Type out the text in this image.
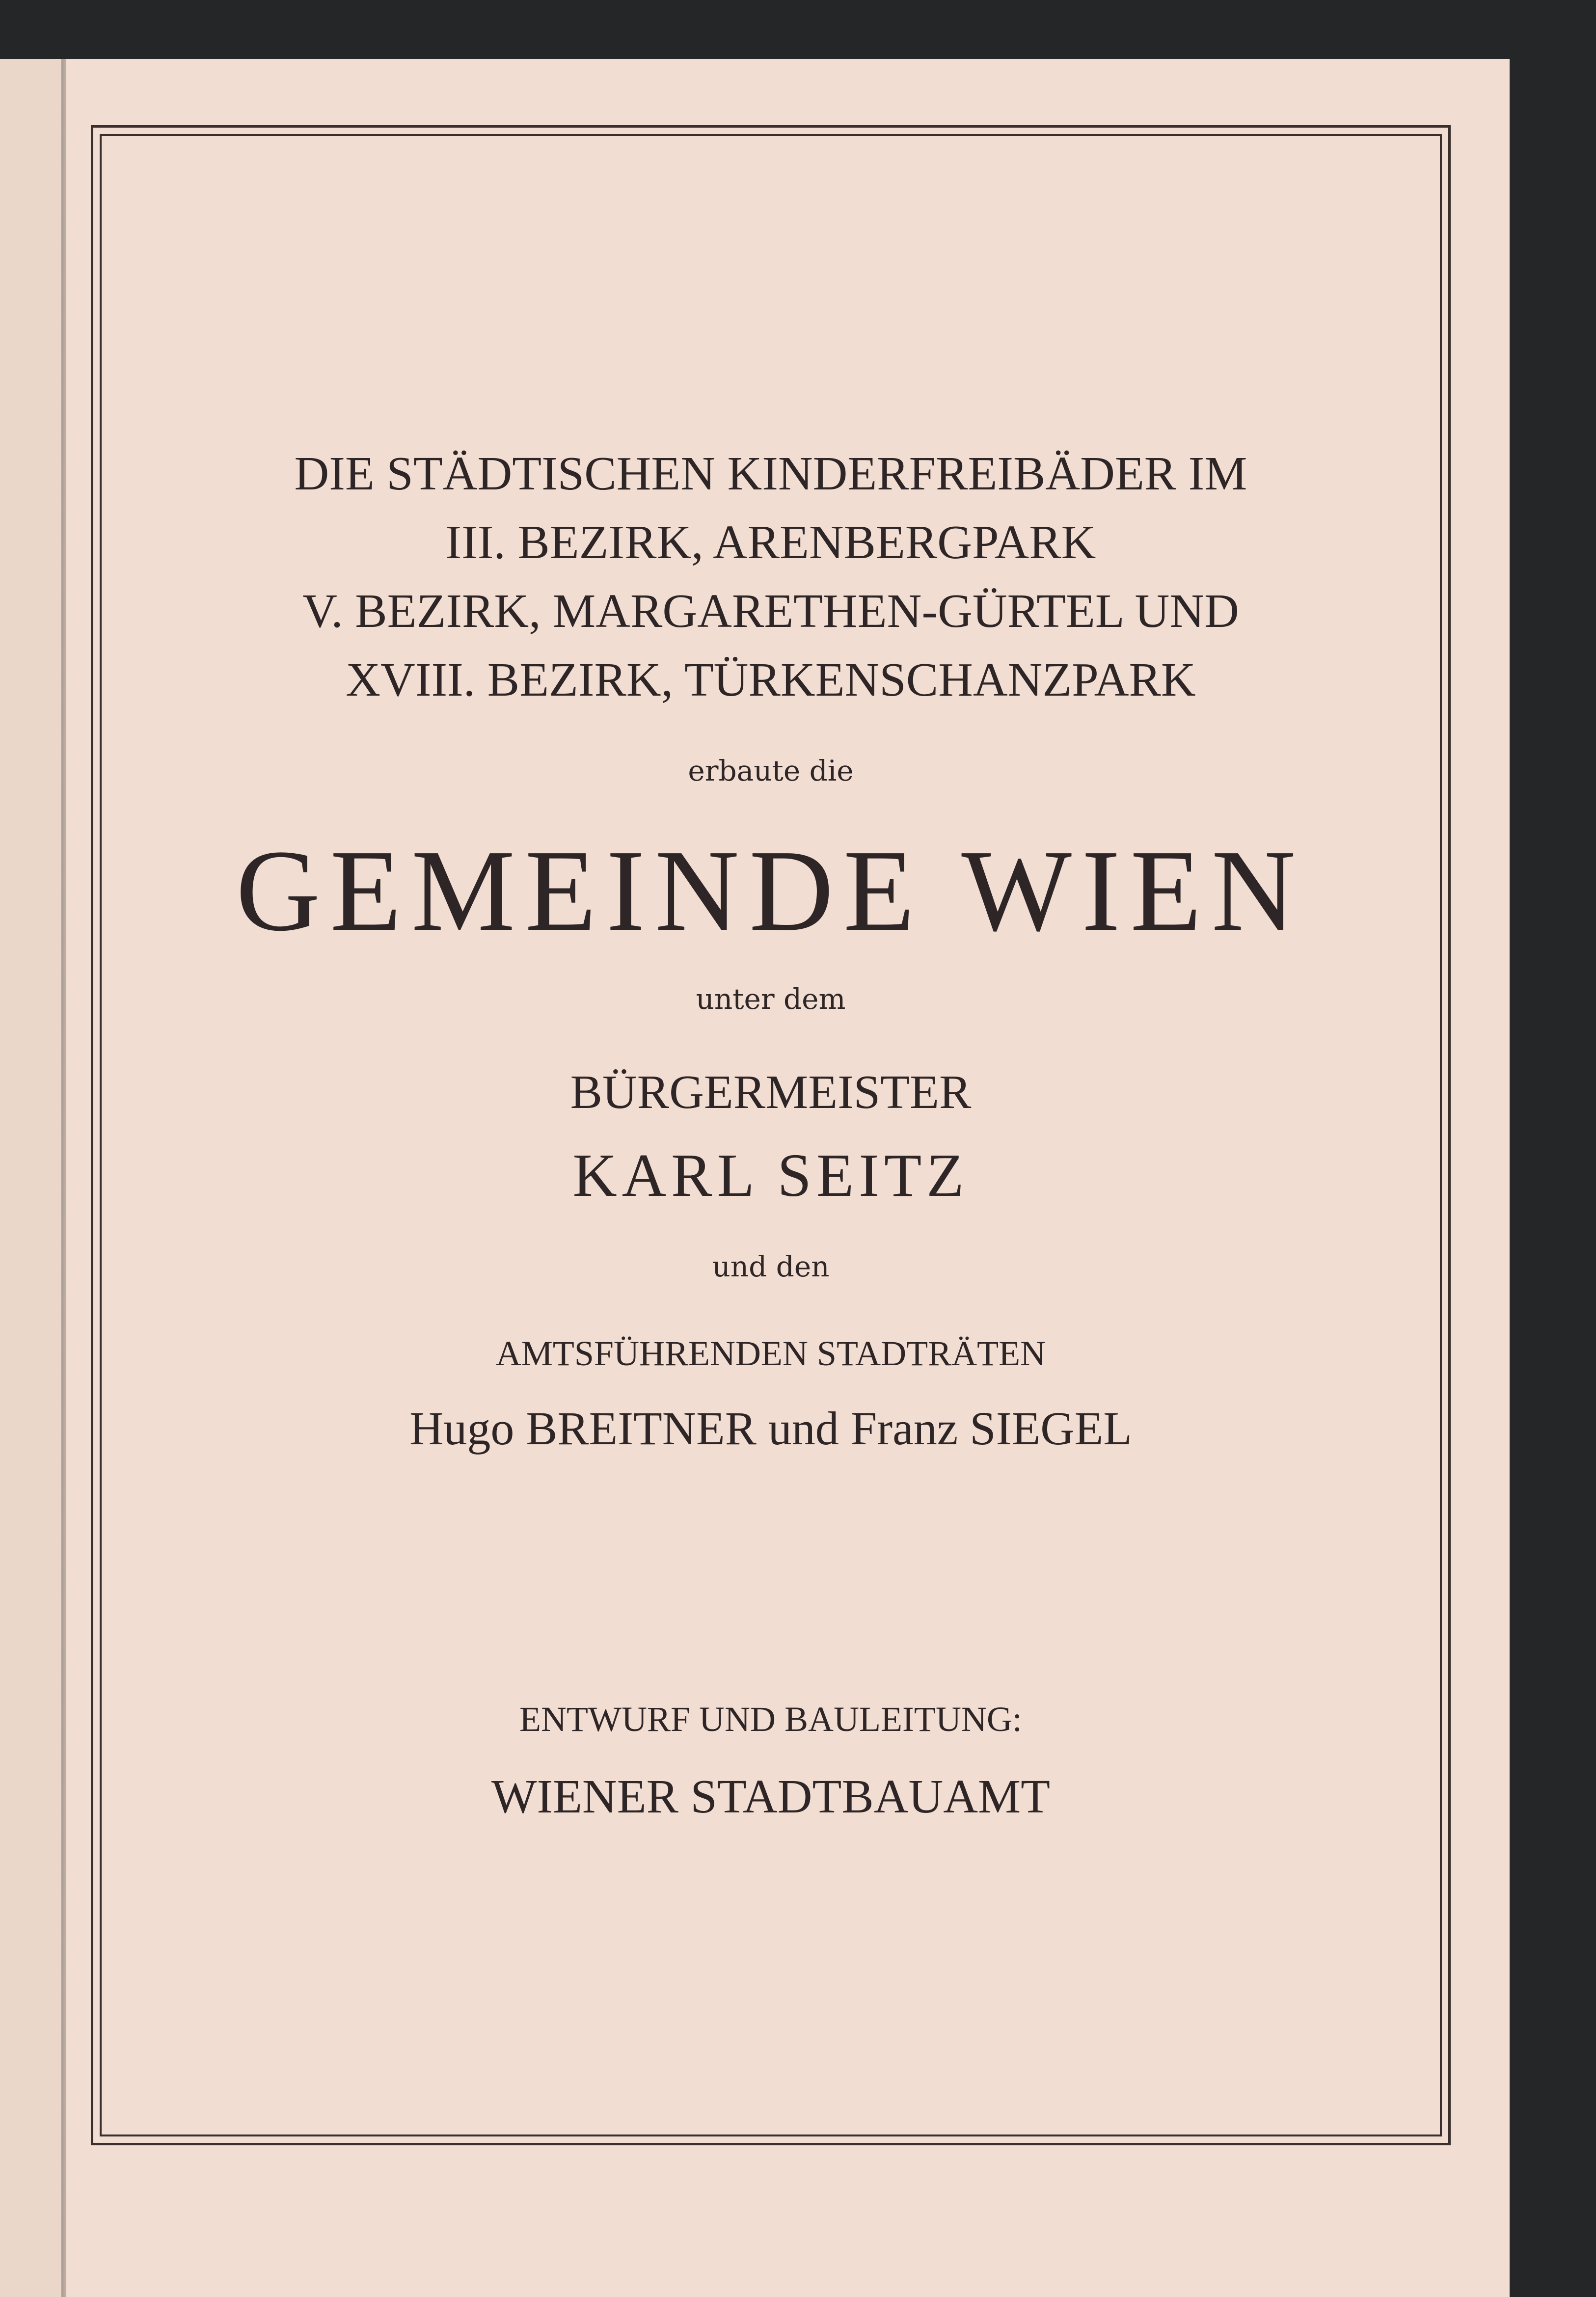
DIE STÄDTISCHEN KINDERFREIBÄDER IM
III. BEZIRK, ARENBERGPARK
V. BEZIRK, MARGARETHEN-GÜRTEL UND
XVIII. BEZIRK, TÜRKENSCHANZPARK
erbaute die
GEMEINDE WIEN
unter dem
BÜRGERMEISTER
KARL SEITZ
und den
AMTSFÜHRENDEN STADTRÄTEN
Hugo BREITNER und Franz SIEGEL
ENTWURF UND BAULEITUNG:
WIENER STADTBAUAMT
